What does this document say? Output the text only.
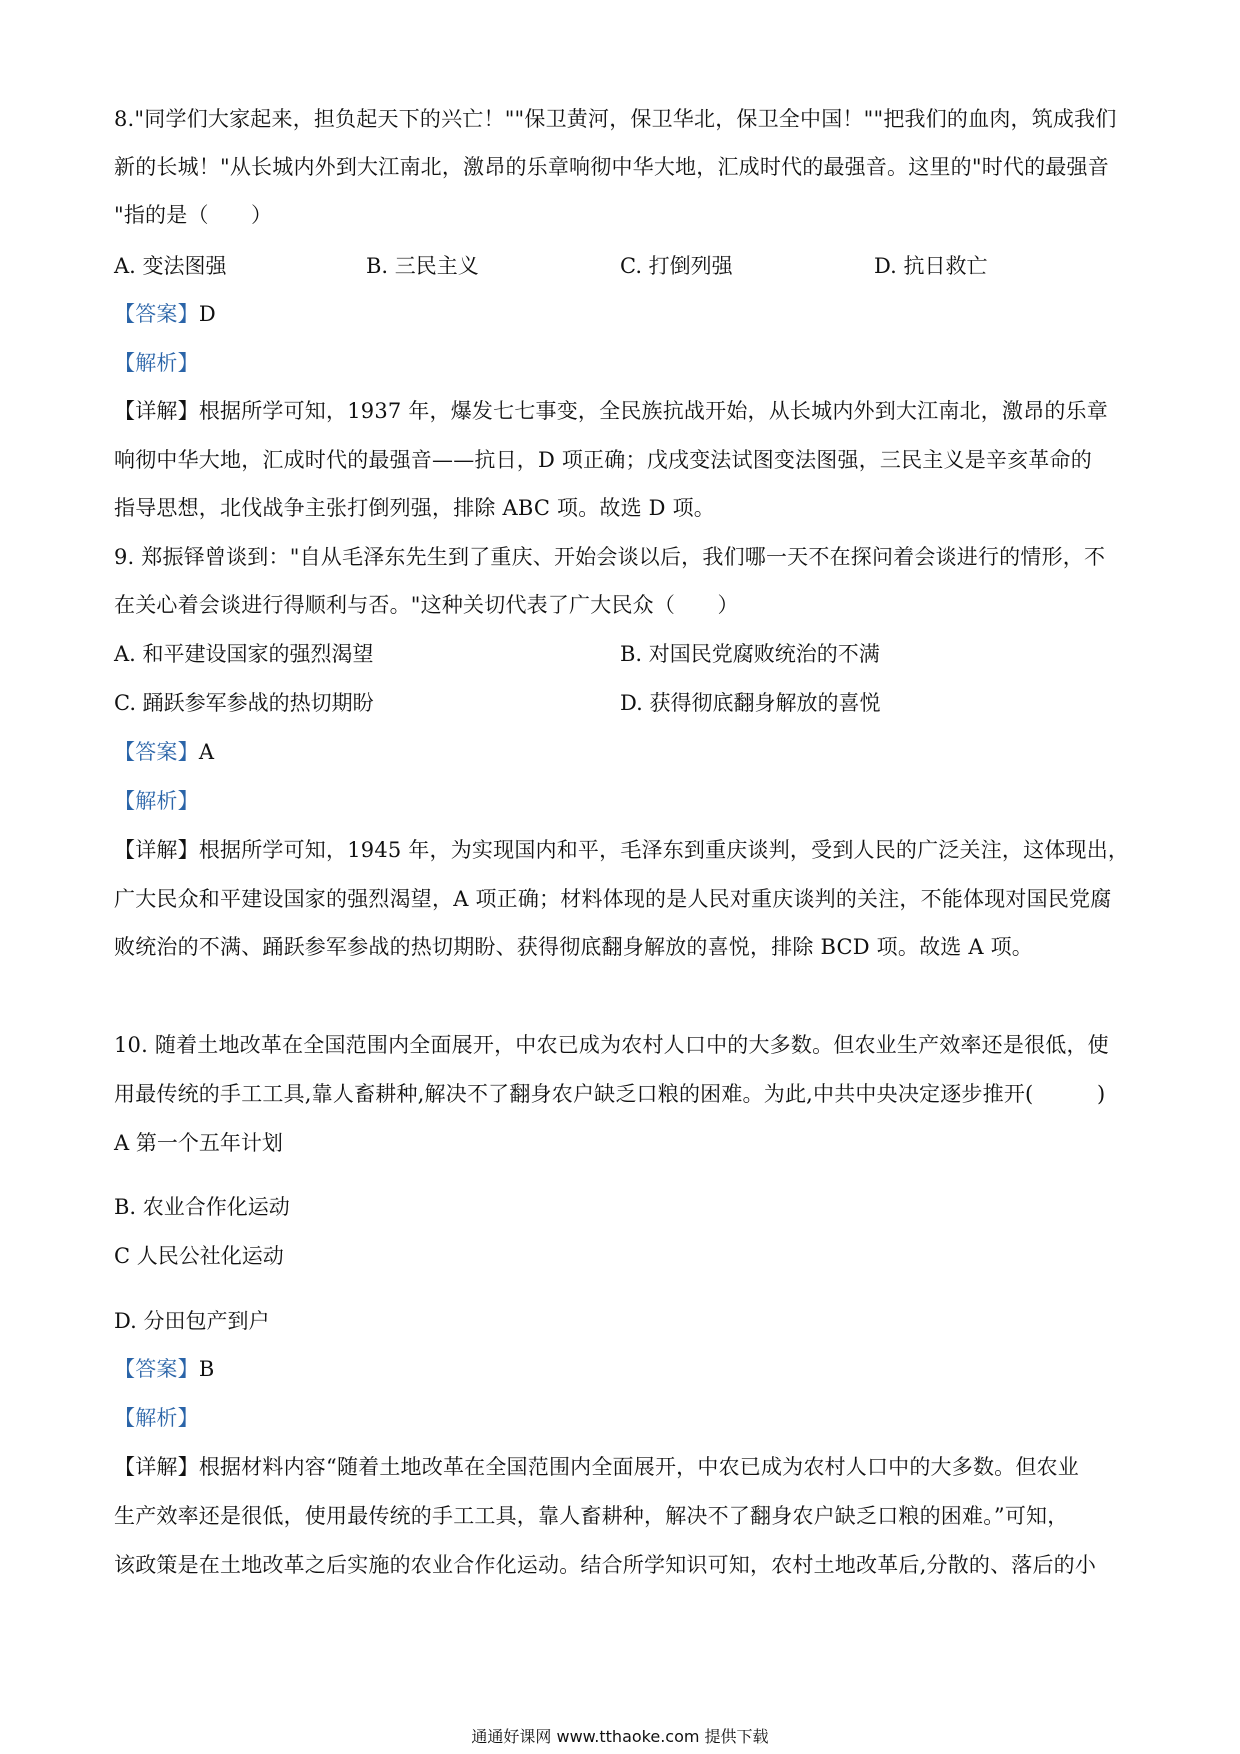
8."同学们大家起来，担负起天下的兴亡！""保卫黄河，保卫华北，保卫全中国！""把我们的血肉，筑成我们
新的长城！"从长城内外到大江南北，激昂的乐章响彻中华大地，汇成时代的最强音。这里的"时代的最强音
"指的是（　　）
A. 变法图强	B. 三民主义	C. 打倒列强	D. 抗日救亡
【答案】D
【解析】
【详解】根据所学可知，1937 年，爆发七七事变，全民族抗战开始，从长城内外到大江南北，激昂的乐章
响彻中华大地，汇成时代的最强音——抗日，D 项正确；戊戌变法试图变法图强，三民主义是辛亥革命的
指导思想，北伐战争主张打倒列强，排除 ABC 项。故选 D 项。
9. 郑振铎曾谈到："自从毛泽东先生到了重庆、开始会谈以后，我们哪一天不在探问着会谈进行的情形，不
在关心着会谈进行得顺利与否。"这种关切代表了广大民众（　　）
A. 和平建设国家的强烈渴望	B. 对国民党腐败统治的不满
C. 踊跃参军参战的热切期盼	D. 获得彻底翻身解放的喜悦
【答案】A
【解析】
【详解】根据所学可知，1945 年，为实现国内和平，毛泽东到重庆谈判，受到人民的广泛关注，这体现出，
广大民众和平建设国家的强烈渴望，A 项正确；材料体现的是人民对重庆谈判的关注，不能体现对国民党腐
败统治的不满、踊跃参军参战的热切期盼、获得彻底翻身解放的喜悦，排除 BCD 项。故选 A 项。
10. 随着土地改革在全国范围内全面展开，中农已成为农村人口中的大多数。但农业生产效率还是很低，使
用最传统的手工工具,靠人畜耕种,解决不了翻身农户缺乏口粮的困难。为此,中共中央决定逐步推开(　　　)
A 第一个五年计划
B. 农业合作化运动
C 人民公社化运动
D. 分田包产到户
【答案】B
【解析】
【详解】根据材料内容“随着土地改革在全国范围内全面展开，中农已成为农村人口中的大多数。但农业
生产效率还是很低，使用最传统的手工工具，靠人畜耕种，解决不了翻身农户缺乏口粮的困难。”可知，
该政策是在土地改革之后实施的农业合作化运动。结合所学知识可知，农村土地改革后,分散的、落后的小
通通好课网 www.tthaoke.com 提供下载
